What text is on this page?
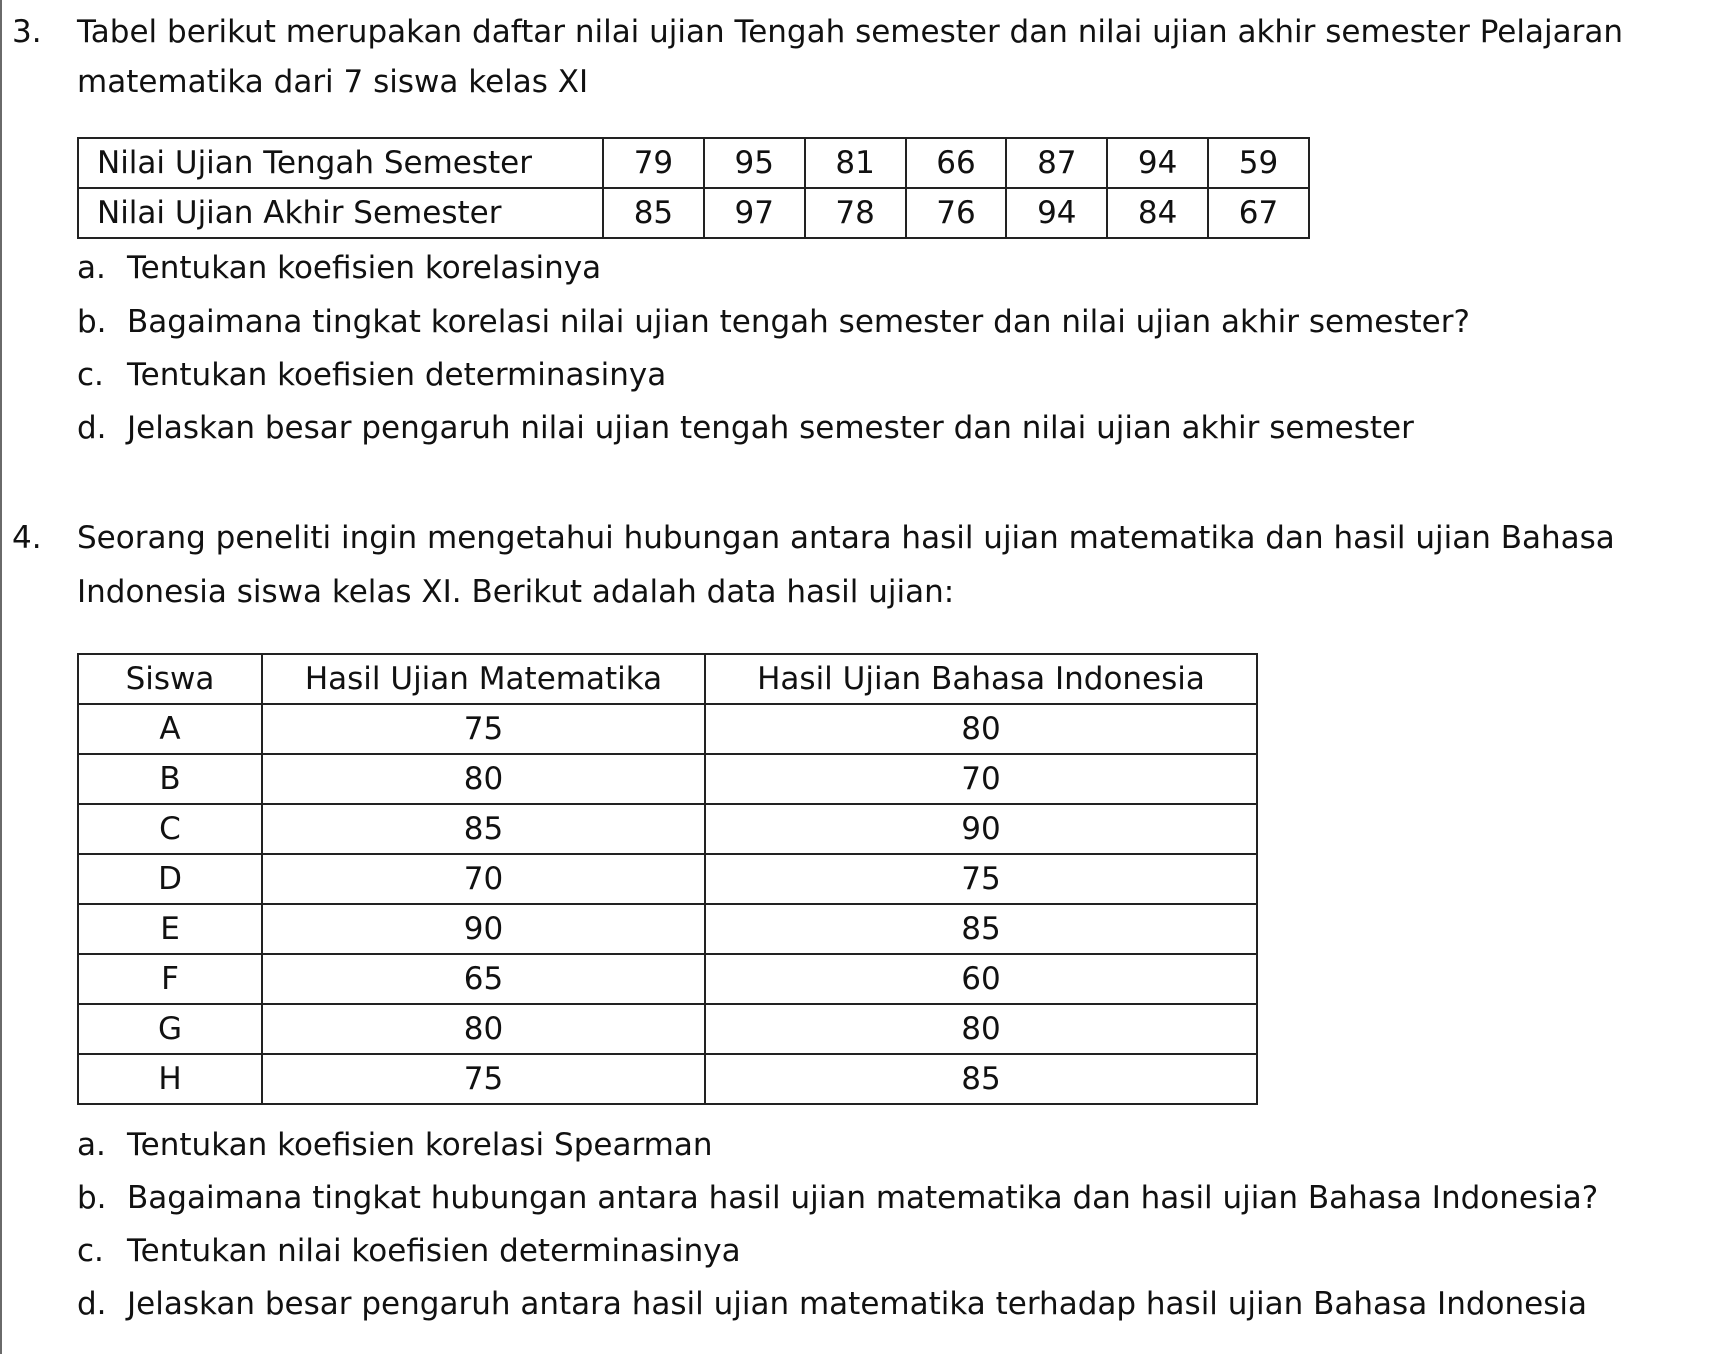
3. Tabel berikut merupakan daftar nilai ujian Tengah semester dan nilai ujian akhir semester Pelajaran
matematika dari 7 siswa kelas XI
Nilai Ujian Tengah Semester	79	95	81	66	87	94	59
Nilai Ujian Akhir Semester	85	97	78	76	94	84	67
a. Tentukan koefisien korelasinya
b. Bagaimana tingkat korelasi nilai ujian tengah semester dan nilai ujian akhir semester?
c. Tentukan koefisien determinasinya
d. Jelaskan besar pengaruh nilai ujian tengah semester dan nilai ujian akhir semester
4. Seorang peneliti ingin mengetahui hubungan antara hasil ujian matematika dan hasil ujian Bahasa
Indonesia siswa kelas XI. Berikut adalah data hasil ujian:
Siswa	Hasil Ujian Matematika	Hasil Ujian Bahasa Indonesia
A	75	80
B	80	70
C	85	90
D	70	75
E	90	85
F	65	60
G	80	80
H	75	85
a. Tentukan koefisien korelasi Spearman
b. Bagaimana tingkat hubungan antara hasil ujian matematika dan hasil ujian Bahasa Indonesia?
c. Tentukan nilai koefisien determinasinya
d. Jelaskan besar pengaruh antara hasil ujian matematika terhadap hasil ujian Bahasa Indonesia
